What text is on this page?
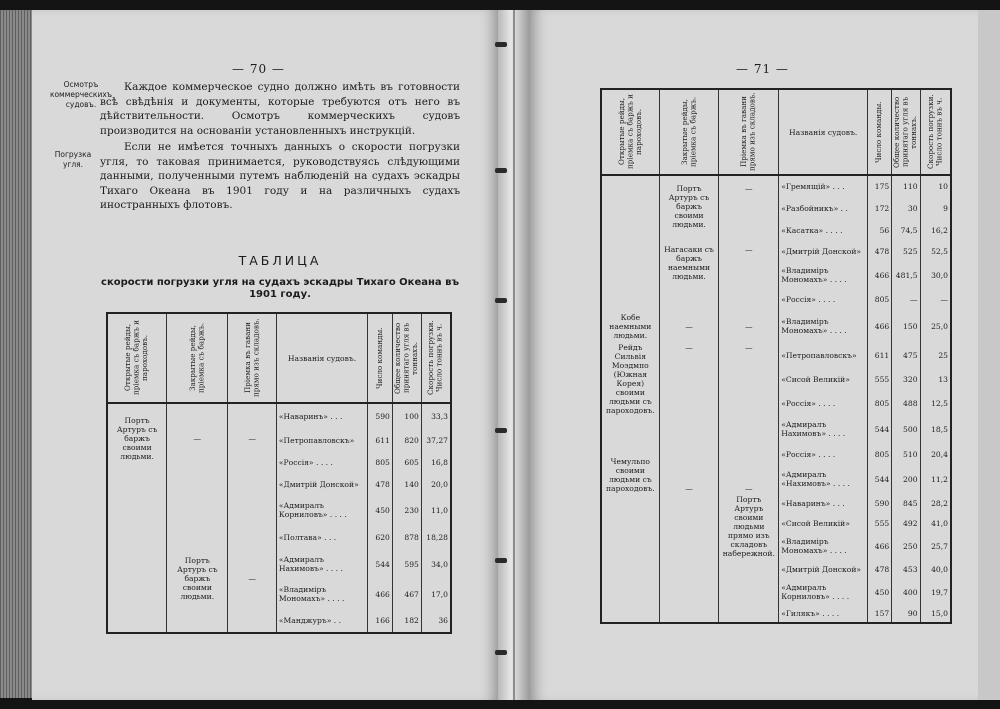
— 70 —
Осмотръ коммерческихъ судовъ.
Погрузка угля.
Каждое коммерческое судно должно имѣть въ готовности всѣ свѣдѣнія и документы, которые требуются отъ него въ дѣйствительности. Осмотръ коммерческихъ судовъ производится на основаніи установленныхъ инструкцій.
Если не имѣется точныхъ данныхъ о скорости погрузки угля, то таковая принимается, руководствуясь слѣдующими данными, полученными путемъ наблюденій на судахъ эскадры Тихаго Океана въ 1901 году и на различныхъ судахъ иностранныхъ флотовъ.
ТАБЛИЦА
скорости погрузки угля на судахъ эскадры Тихаго Океана въ 1901 году.
Открытые рейды, пріемка съ баржъ и пароходовъ.	Закрытые рейды, пріемка съ баржъ.	Пріемка въ гавани прямо изъ складовъ.	Названія судовъ.	Число команды.	Общее количество принятаго угля въ тоннахъ.	Скорость погрузки. Число тоннъ въ ч.

Портъ Артуръ съ баржъ своими людьми.	—	—	«Наваринъ» . . .	590	100	33,3
			«Петропавловскъ»	611	820	37,27
			«Россія» . . . .	805	605	16,8
			«Дмитрій Донской»	478	140	20,0
			«Адмиралъ Корниловъ» . . . .	450	230	11,0
	Портъ Артуръ съ баржъ своими людьми.	—	«Полтава» . . .	620	878	18,28
			«Адмиралъ Нахимовъ» . . . .	544	595	34,0
			«Владиміръ Мономахъ» . . . .	466	467	17,0
			«Манджуръ» . .	166	182	36
— 71 —
Открытые рейды, пріемка съ баржъ и пароходовъ.	Закрытые рейды, пріемка съ баржъ.	Пріемка въ гавани прямо изъ складовъ.	Названія судовъ.	Число команды.	Общее количество принятаго угля въ тоннахъ.	Скорость погрузки. Число тоннъ въ ч.

	Портъ Артуръ съ баржъ своими людьми.	—	«Гремящій» . . .	175	110	10
			«Разбойникъ» . .	172	30	9
			«Касатка» . . . .	56	74,5	16,2
	Нагасаки съ баржъ наемными людьми.	—	«Дмитрій Донской»	478	525	52,5
			«Владиміръ Мономахъ» . . . .	466	481,5	30,0
			«Россія» . . . .	805	—	—
Кобе наемными людьми.	—	—	«Владиміръ Мономахъ» . . . .	466	150	25,0
Рейдъ Сильвія Моэдмпо (Южная Корея) своими людьми съ пароходовъ.	—	—	«Петропавловскъ»	611	475	25
			«Сисой Великій»	555	320	13
			«Россія» . . . .	805	488	12,5
Чемульпо своими людьми съ пароходовъ.	—	—	«Адмиралъ Нахимовъ» . . . .	544	500	18,5
			«Россія» . . . .	805	510	20,4
			«Адмиралъ «Нахимовъ» . . . .	544	200	11,2
		Портъ Артуръ своими людьми прямо изъ складовъ набережной.	«Наваринъ» . . .	590	845	28,2
			«Сисой Великій»	555	492	41,0
			«Владиміръ Мономахъ» . . . .	466	250	25,7
			«Дмитрій Донской»	478	453	40,0
			«Адмиралъ Корниловъ» . . . .	450	400	19,7
			«Гилякъ» . . . .	157	90	15,0
